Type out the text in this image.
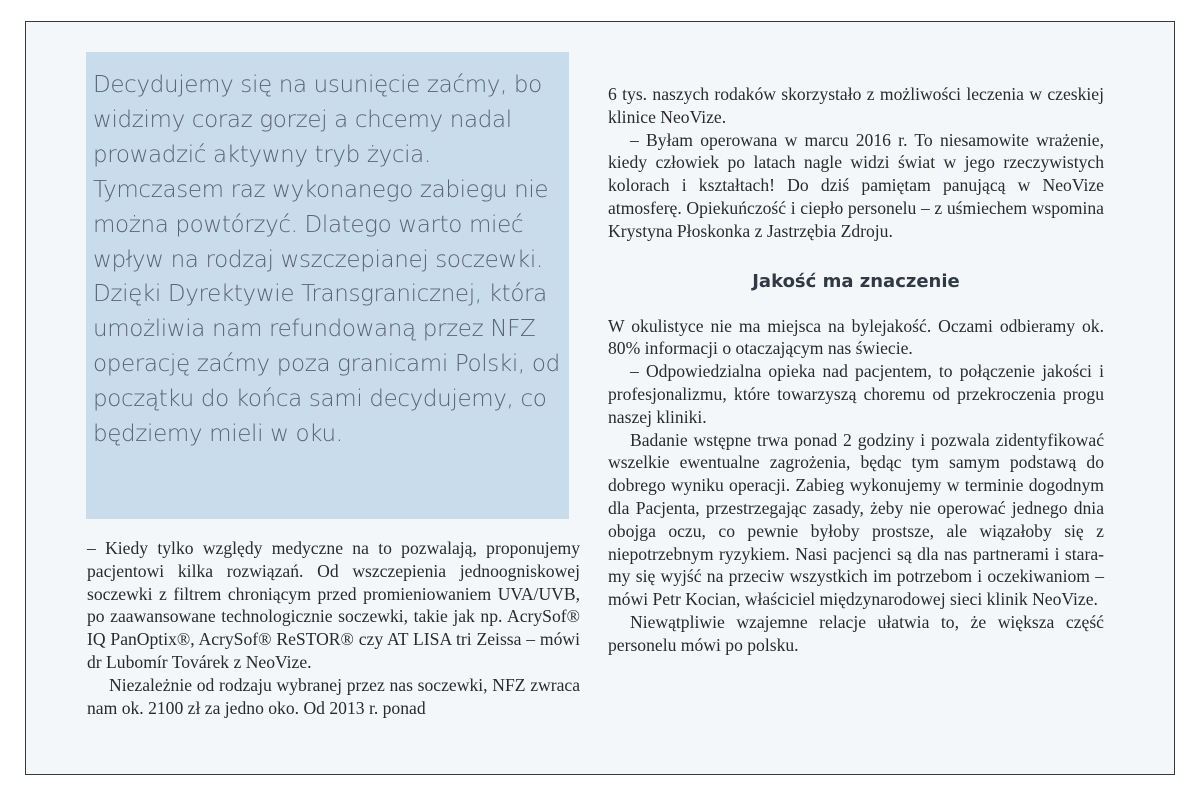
Decydujemy się na usunięcie zaćmy, bo widzimy coraz gorzej a chcemy nadal prowadzić aktywny tryb życia. Tymczasem raz wykonanego zabiegu nie można powtórzyć. Dlatego warto mieć wpływ na rodzaj wszczepianej soczewki. Dzięki Dyrektywie Transgranicznej, która umożliwia nam refundowaną przez NFZ operację zaćmy poza granicami Polski, od początku do końca sami decydujemy, co będziemy mieli w oku.

– Kiedy tylko względy medyczne na to pozwalają, proponujemy pacjentowi kilka rozwiązań. Od wszczepienia jednoogniskowej soczewki z filtrem chroniącym przed promieniowaniem UVA/UVB, po zaawansowane technologicznie soczewki, takie jak np. AcrySof® IQ PanOptix®, AcrySof® ReSTOR® czy AT LISA tri Zeissa – mówi dr Lubomír Továrek z NeoVize.

Niezależnie od rodzaju wybranej przez nas soczewki, NFZ zwraca nam ok. 2100 zł za jedno oko. Od 2013 r. ponad

6 tys. naszych rodaków skorzystało z możliwości leczenia w czeskiej klinice NeoVize.

– Byłam operowana w marcu 2016 r. To niesamowite wrażenie, kiedy człowiek po latach nagle widzi świat w jego rzeczywistych kolorach i kształtach! Do dziś pamiętam panującą w NeoVize atmosferę. Opiekuńczość i ciepło personelu – z uśmiechem wspomina Krystyna Płoskonka z Jastrzębia Zdroju.

Jakość ma znaczenie

W okulistyce nie ma miejsca na bylejakość. Oczami odbieramy ok. 80% informacji o otaczającym nas świecie.

– Odpowiedzialna opieka nad pacjentem, to połączenie jakości i profesjonalizmu, które towarzyszą choremu od przekroczenia progu naszej kliniki.

Badanie wstępne trwa ponad 2 godziny i pozwala zidentyfikować wszelkie ewentualne zagrożenia, będąc tym samym podstawą do dobrego wyniku operacji. Zabieg wykonujemy w terminie dogodnym dla Pacjenta, przestrzegając zasady, żeby nie operować jednego dnia obojga oczu, co pewnie byłoby prostsze, ale wiązałoby się z niepotrzebnym ryzykiem. Nasi pacjenci są dla nas partnerami i staramy się wyjść na przeciw wszystkich im potrzebom i oczekiwaniom – mówi Petr Kocian, właściciel międzynarodowej sieci klinik NeoVize.

Niewątpliwie wzajemne relacje ułatwia to, że większa część personelu mówi po polsku.
